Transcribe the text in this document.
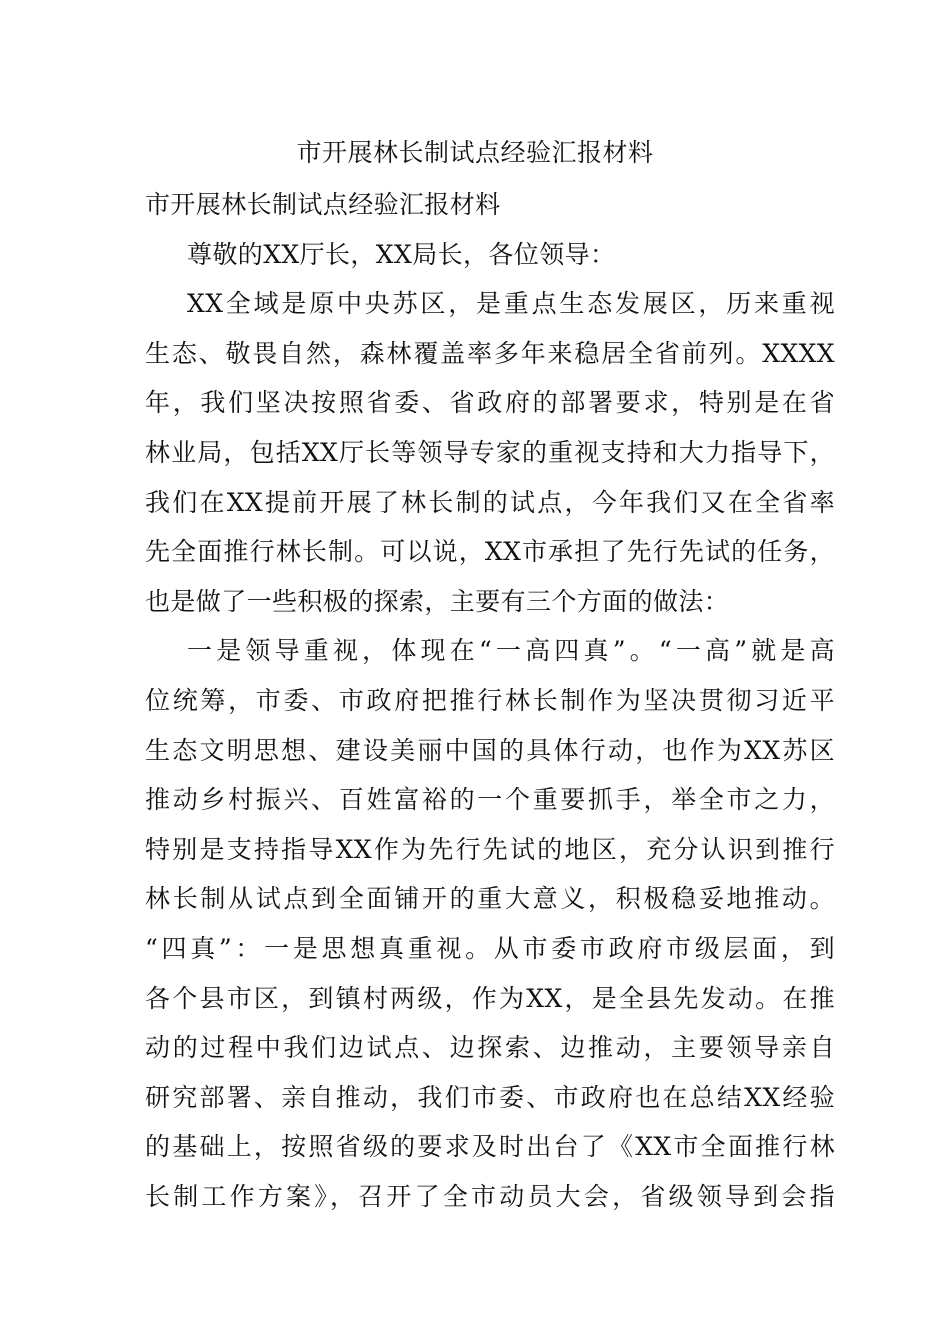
市开展林长制试点经验汇报材料
市开展林长制试点经验汇报材料
尊敬的XX厅长，XX局长，各位领导：
XX全域是原中央苏区，是重点生态发展区，历来重视
生态、敬畏自然，森林覆盖率多年来稳居全省前列。XXXX
年，我们坚决按照省委、省政府的部署要求，特别是在省
林业局，包括XX厅长等领导专家的重视支持和大力指导下，
我们在XX提前开展了林长制的试点，今年我们又在全省率
先全面推行林长制。可以说，XX市承担了先行先试的任务，
也是做了一些积极的探索，主要有三个方面的做法：
一是领导重视，体现在“一高四真”。“一高”就是高
位统筹，市委、市政府把推行林长制作为坚决贯彻习近平
生态文明思想、建设美丽中国的具体行动，也作为XX苏区
推动乡村振兴、百姓富裕的一个重要抓手，举全市之力，
特别是支持指导XX作为先行先试的地区，充分认识到推行
林长制从试点到全面铺开的重大意义，积极稳妥地推动。
“四真”：一是思想真重视。从市委市政府市级层面，到
各个县市区，到镇村两级，作为XX，是全县先发动。在推
动的过程中我们边试点、边探索、边推动，主要领导亲自
研究部署、亲自推动，我们市委、市政府也在总结XX经验
的基础上，按照省级的要求及时出台了《XX市全面推行林
长制工作方案》，召开了全市动员大会，省级领导到会指
